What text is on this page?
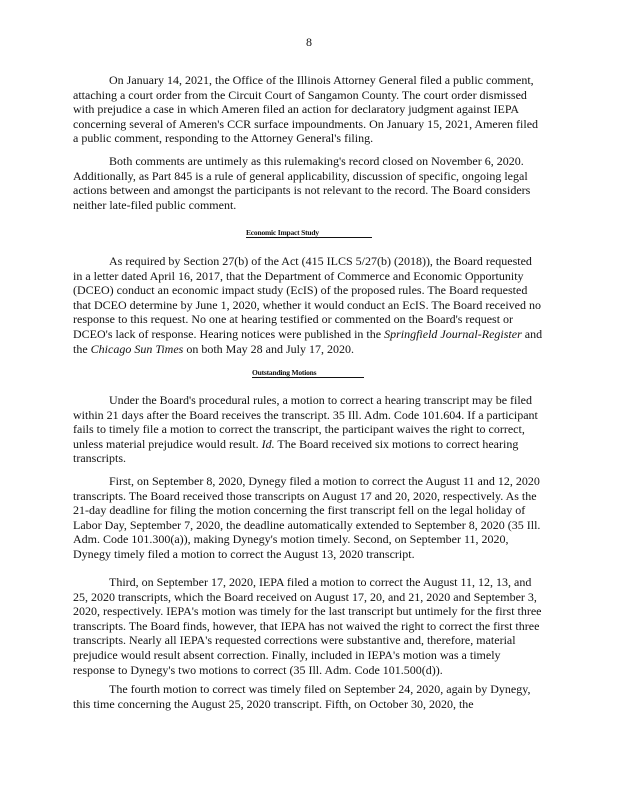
8

On January 14, 2021, the Office of the Illinois Attorney General filed a public comment, attaching a court order from the Circuit Court of Sangamon County. The court order dismissed with prejudice a case in which Ameren filed an action for declaratory judgment against IEPA concerning several of Ameren's CCR surface impoundments. On January 15, 2021, Ameren filed a public comment, responding to the Attorney General's filing.

Both comments are untimely as this rulemaking's record closed on November 6, 2020. Additionally, as Part 845 is a rule of general applicability, discussion of specific, ongoing legal actions between and amongst the participants is not relevant to the record. The Board considers neither late-filed public comment.

Economic Impact Study

As required by Section 27(b) of the Act (415 ILCS 5/27(b) (2018)), the Board requested in a letter dated April 16, 2017, that the Department of Commerce and Economic Opportunity (DCEO) conduct an economic impact study (EcIS) of the proposed rules. The Board requested that DCEO determine by June 1, 2020, whether it would conduct an EcIS. The Board received no response to this request. No one at hearing testified or commented on the Board's request or DCEO's lack of response. Hearing notices were published in the Springfield Journal-Register and the Chicago Sun Times on both May 28 and July 17, 2020.

Outstanding Motions

Under the Board's procedural rules, a motion to correct a hearing transcript may be filed within 21 days after the Board receives the transcript. 35 Ill. Adm. Code 101.604. If a participant fails to timely file a motion to correct the transcript, the participant waives the right to correct, unless material prejudice would result. Id. The Board received six motions to correct hearing transcripts.

First, on September 8, 2020, Dynegy filed a motion to correct the August 11 and 12, 2020 transcripts. The Board received those transcripts on August 17 and 20, 2020, respectively. As the 21-day deadline for filing the motion concerning the first transcript fell on the legal holiday of Labor Day, September 7, 2020, the deadline automatically extended to September 8, 2020 (35 Ill. Adm. Code 101.300(a)), making Dynegy's motion timely. Second, on September 11, 2020, Dynegy timely filed a motion to correct the August 13, 2020 transcript.

Third, on September 17, 2020, IEPA filed a motion to correct the August 11, 12, 13, and 25, 2020 transcripts, which the Board received on August 17, 20, and 21, 2020 and September 3, 2020, respectively. IEPA's motion was timely for the last transcript but untimely for the first three transcripts. The Board finds, however, that IEPA has not waived the right to correct the first three transcripts. Nearly all IEPA's requested corrections were substantive and, therefore, material prejudice would result absent correction. Finally, included in IEPA's motion was a timely response to Dynegy's two motions to correct (35 Ill. Adm. Code 101.500(d)).

The fourth motion to correct was timely filed on September 24, 2020, again by Dynegy, this time concerning the August 25, 2020 transcript. Fifth, on October 30, 2020, the
